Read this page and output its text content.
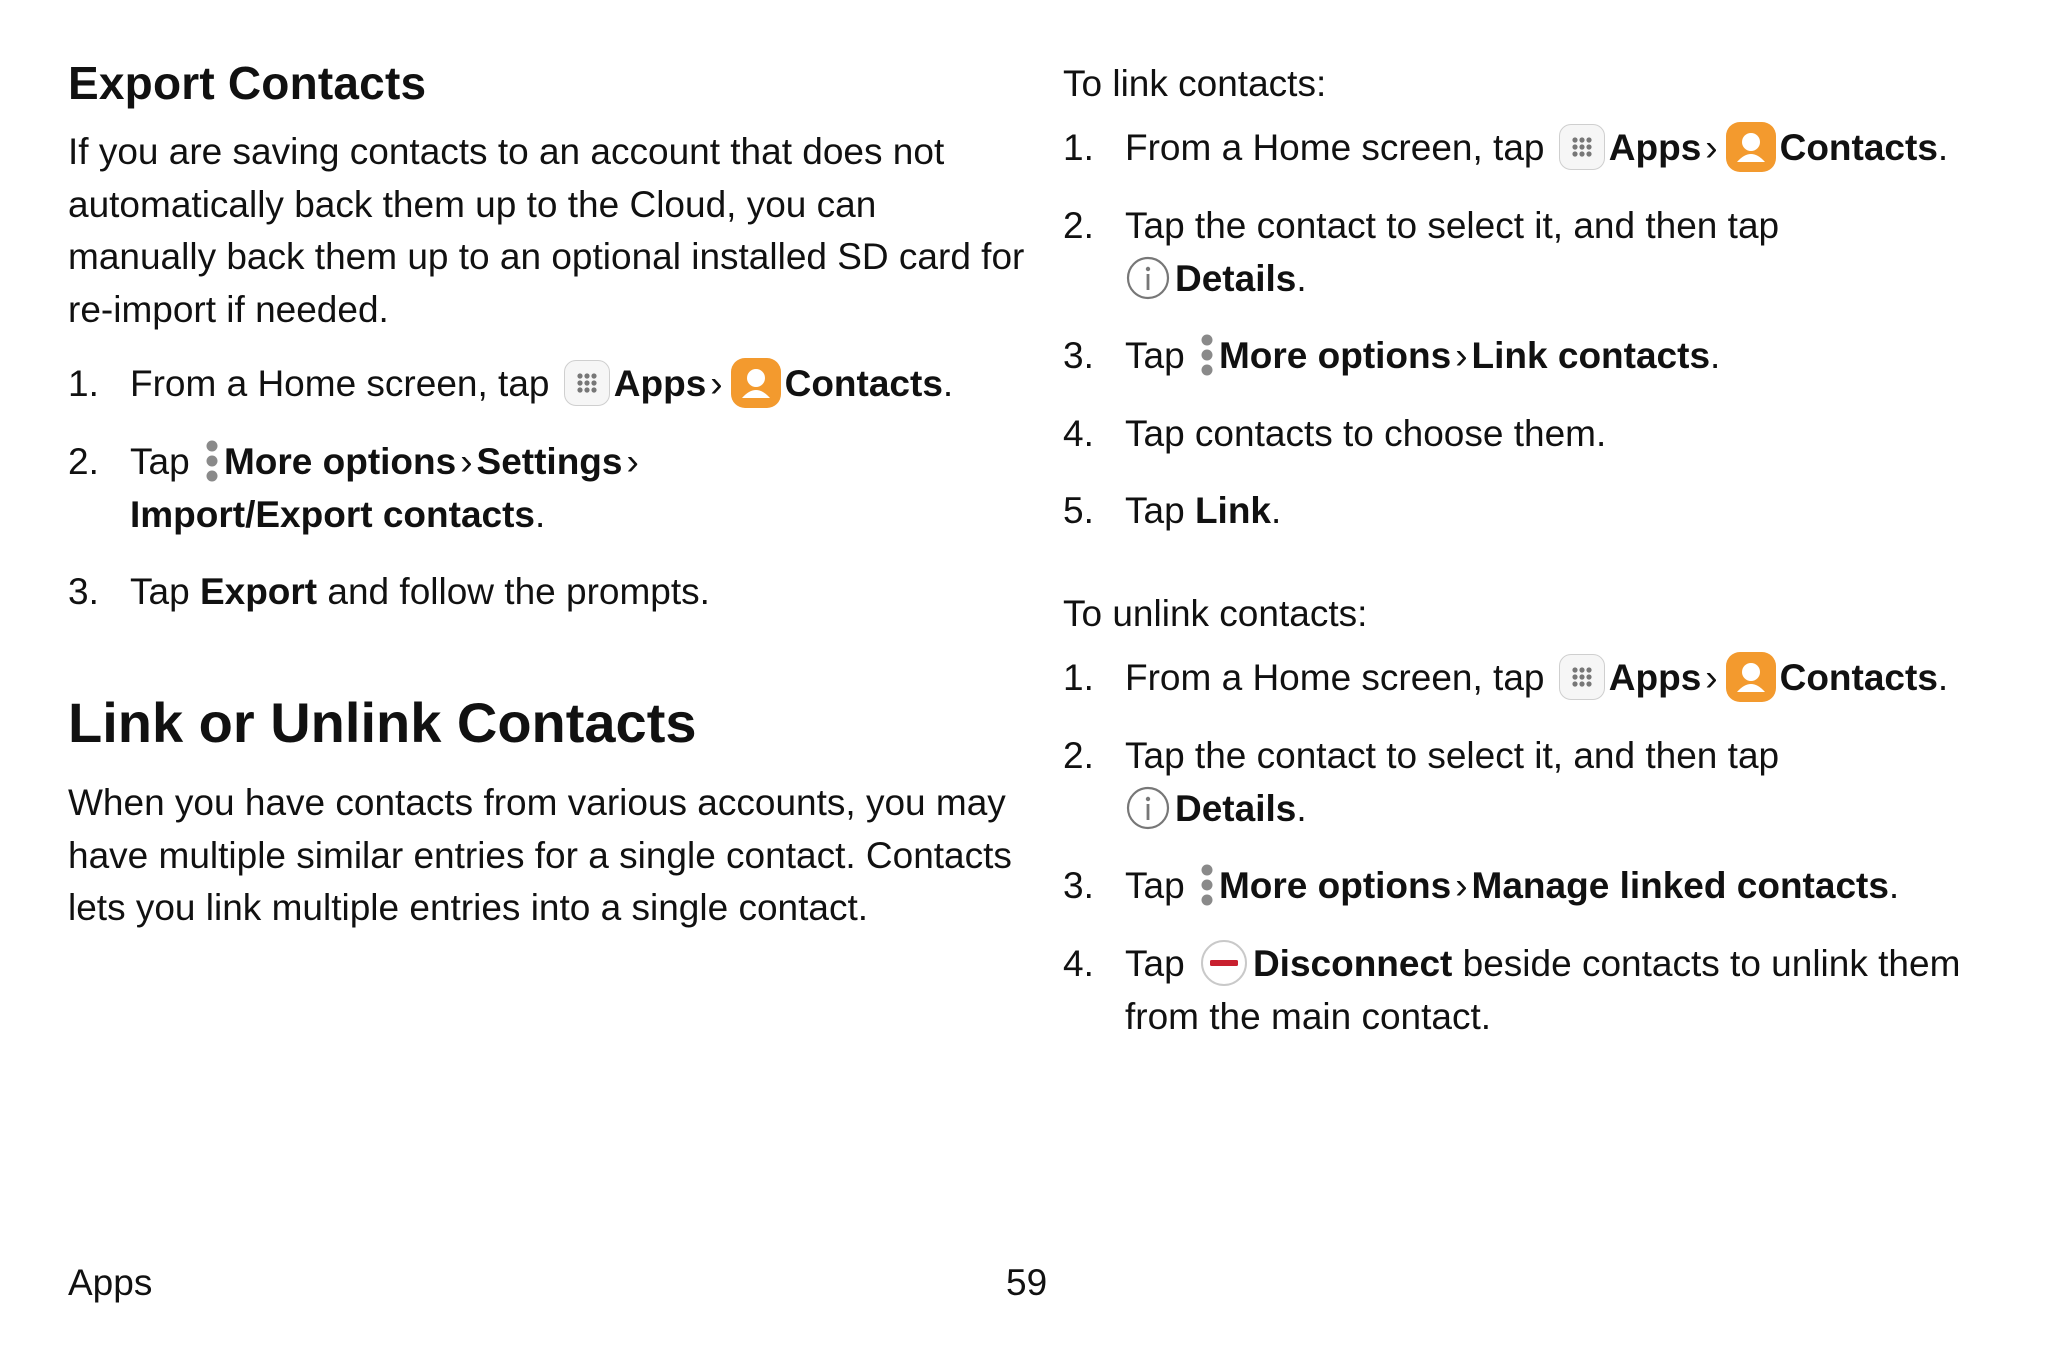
Export Contacts

If you are saving contacts to an account that does not automatically back them up to the Cloud, you can manually back them up to an optional installed SD card for re-import if needed.

1. From a Home screen, tap Apps › Contacts.
2. Tap More options › Settings ›
Import/Export contacts.
3. Tap Export and follow the prompts.
Link or Unlink Contacts

When you have contacts from various accounts, you may have multiple similar entries for a single contact. Contacts lets you link multiple entries into a single contact.

To link contacts:

1. From a Home screen, tap Apps › Contacts.
2. Tap the contact to select it, and then tap
Details.
3. Tap More options › Link contacts.
4. Tap contacts to choose them.
5. Tap Link.

To unlink contacts:

1. From a Home screen, tap Apps › Contacts.
2. Tap the contact to select it, and then tap
Details.
3. Tap More options › Manage linked contacts.
4. Tap Disconnect beside contacts to unlink them from the main contact.
Apps	59
